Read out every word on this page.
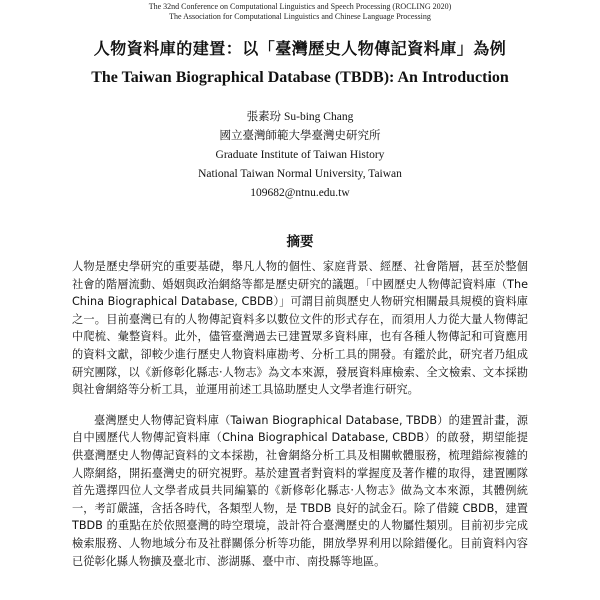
The 32nd Conference on Computational Linguistics and Speech Processing (ROCLING 2020)
The Association for Computational Linguistics and Chinese Language Processing
人物資料庫的建置：以「臺灣歷史人物傳記資料庫」為例
The Taiwan Biographical Database (TBDB): An Introduction
張素玢 Su-bing Chang
國立臺灣師範大學臺灣史研究所
Graduate Institute of Taiwan History
National Taiwan Normal University, Taiwan
109682@ntnu.edu.tw
摘要

人物是歷史學研究的重要基礎，舉凡人物的個性、家庭背景、經歷、社會階層，甚至於整個社會的階層流動、婚姻與政治網絡等都是歷史研究的議題。「中國歷史人物傳記資料庫（The China Biographical Database, CBDB）」可謂目前與歷史人物研究相關最具規模的資料庫之一。目前臺灣已有的人物傳記資料多以數位文件的形式存在，而須用人力從大量人物傳記中爬梳、彙整資料。此外，儘管臺灣過去已建置眾多資料庫，也有各種人物傳記和可資應用的資料文獻，卻較少進行歷史人物資料庫勘考、分析工具的開發。有鑑於此，研究者乃組成研究團隊，以《新修彰化縣志‧人物志》為文本來源，發展資料庫檢索、全文檢索、文本採勘與社會網絡等分析工具，並運用前述工具協助歷史人文學者進行研究。

臺灣歷史人物傳記資料庫（Taiwan Biographical Database, TBDB）的建置計畫，源自中國歷代人物傳記資料庫（China Biographical Database, CBDB）的啟發，期望能提供臺灣歷史人物傳記資料的文本採勘，社會網絡分析工具及相關軟體服務，梳理錯綜複雜的人際網絡，開拓臺灣史的研究視野。基於建置者對資料的掌握度及著作權的取得，建置團隊首先選擇四位人文學者成員共同編纂的《新修彰化縣志‧人物志》做為文本來源，其體例統一，考訂嚴謹，含括各時代，各類型人物，是 TBDB 良好的試金石。除了借鏡 CBDB，建置 TBDB 的重點在於依照臺灣的時空環境，設計符合臺灣歷史的人物屬性類別。目前初步完成檢索服務、人物地域分布及社群關係分析等功能，開放學界利用以除錯優化。目前資料內容已從彰化縣人物擴及臺北市、澎湖縣、臺中市、南投縣等地區。
